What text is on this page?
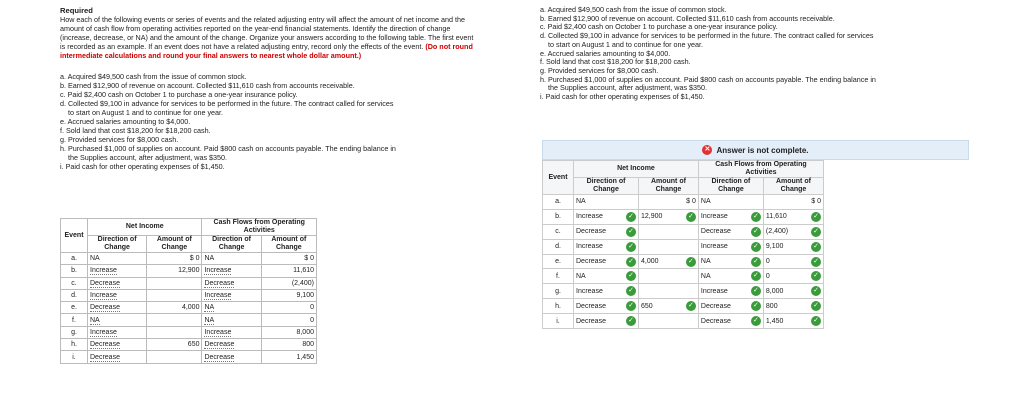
Required
How each of the following events or series of events and the related adjusting entry will affect the amount of net income and the amount of cash flow from operating activities reported on the year-end financial statements. Identify the direction of change (increase, decrease, or NA) and the amount of the change. Organize your answers according to the following table. The first event is recorded as an example. If an event does not have a related adjusting entry, record only the effects of the event. (Do not round intermediate calculations and round your final answers to nearest whole dollar amount.)
a. Acquired $49,500 cash from the issue of common stock.
b. Earned $12,900 of revenue on account. Collected $11,610 cash from accounts receivable.
c. Paid $2,400 cash on October 1 to purchase a one-year insurance policy.
d. Collected $9,100 in advance for services to be performed in the future. The contract called for services
to start on August 1 and to continue for one year.
e. Accrued salaries amounting to $4,000.
f. Sold land that cost $18,200 for $18,200 cash.
g. Provided services for $8,000 cash.
h. Purchased $1,000 of supplies on account. Paid $800 cash on accounts payable. The ending balance in
the Supplies account, after adjustment, was $350.
i. Paid cash for other operating expenses of $1,450.
Event	Net Income		Cash Flows from Operating Activities	
	Direction of Change	Amount of Change	Direction of Change	Amount of Change
a.	NA	$ 0	NA	$ 0
b.	Increase	12,900	Increase	11,610
c.	Decrease		Decrease	(2,400)
d.	Increase		Increase	9,100
e.	Decrease	4,000	NA	0
f.	NA		NA	0
g.	Increase		Increase	8,000
h.	Decrease	650	Decrease	800
i.	Decrease		Decrease	1,450
a. Acquired $49,500 cash from the issue of common stock.
b. Earned $12,900 of revenue on account. Collected $11,610 cash from accounts receivable.
c. Paid $2,400 cash on October 1 to purchase a one-year insurance policy.
d. Collected $9,100 in advance for services to be performed in the future. The contract called for services
to start on August 1 and to continue for one year.
e. Accrued salaries amounting to $4,000.
f. Sold land that cost $18,200 for $18,200 cash.
g. Provided services for $8,000 cash.
h. Purchased $1,000 of supplies on account. Paid $800 cash on accounts payable. The ending balance in
the Supplies account, after adjustment, was $350.
i. Paid cash for other operating expenses of $1,450.
✕ Answer is not complete.
Event	Net Income		Cash Flows from Operating Activities	
	Direction of Change	Amount of Change	Direction of Change	Amount of Change
a.	NA	$ 0	NA	$ 0
b.	Increase ✓	12,900 ✓	Increase ✓	11,610 ✓

c.	Decrease ✓		Decrease ✓	(2,400) ✓

d.	Increase ✓		Increase ✓	9,100 ✓

e.	Decrease ✓	4,000 ✓	NA ✓	0 ✓

f.	NA ✓		NA ✓	0 ✓

g.	Increase ✓		Increase ✓	8,000 ✓

h.	Decrease ✓	650 ✓	Decrease ✓	800 ✓

i.	Decrease ✓		Decrease ✓	1,450 ✓
